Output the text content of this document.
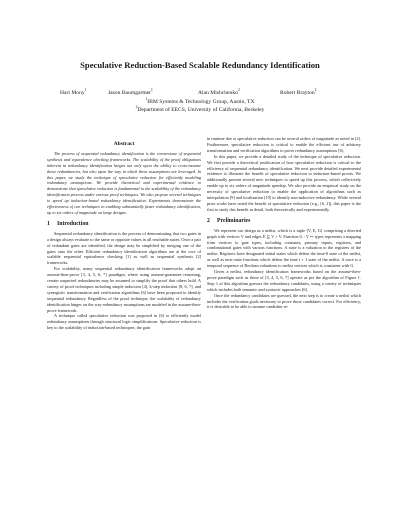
Speculative Reduction-Based Scalable Redundancy Identification
Hari Mony$^1$	Jason Baumgartner$^1$	Alan Mishchenko$^2$	Robert Brayton$^2$
$^1$IBM Systems & Technology Group, Austin, TX
$^2$Department of EECS, University of California, Berkeley
Abstract

The process of sequential redundancy identification is the cornerstone of sequential synthesis and equivalence checking frameworks. The scalability of the proof obligations inherent in redundancy identification hinges not only upon the ability to cross-assume those redundancies, but also upon the way in which these assumptions are leveraged. In this paper, we study the technique of speculative reduction for efficiently modeling redundancy assumptions. We provide theoretical and experimental evidence to demonstrate that speculative reduction is fundamental to the scalability of the redundancy identification process under various proof techniques. We also propose several techniques to speed up induction-based redundancy identification. Experiments demonstrate the effectiveness of our techniques in enabling substantially faster redundancy identification, up to six orders of magnitude on large designs.

1 Introduction

Sequential redundancy identification is the process of demonstrating that two gates in a design always evaluate to the same or opposite values in all reachable states. Once a pair of redundant gates are identified, the design may be simplified by merging one of the gates onto the other. Efficient redundancy identification algorithms are at the core of scalable sequential equivalence checking [1] as well as sequential synthesis [2] frameworks.

For scalability, many sequential redundancy identification frameworks adopt an assume-then-prove [3, 4, 5, 6, 7] paradigm, where using assume-guarantee reasoning, certain suspected redundancies may be assumed to simplify the proof that others hold. A variety of proof techniques including simple induction [4], k-step induction [8, 6, 7], and synergistic transformation and verification algorithms [6] have been proposed to identify sequential redundancy. Regardless of the proof technique, the scalability of redundancy identification hinges on the way redundancy assumptions are modeled in the assume-then-prove framework.

A technique called speculative reduction was proposed in [6] to efficiently model redundancy assumptions through structural logic simplifications. Speculative reduction is key to the scalability of induction-based techniques; the gain

in runtime due to speculative reduction can be several orders of magnitude as noted in [2]. Furthermore, speculative reduction is critical to enable the efficient use of arbitrary transformation and verification algorithms to prove redundancy assumptions [6].

In this paper, we provide a detailed study of the technique of speculative reduction. We first provide a theoretical justification of how speculative reduction is critical to the efficiency of sequential redundancy identification. We next provide detailed experimental evidence to illustrate the benefit of speculative reduction to induction-based proofs. We additionally present several new techniques to speed up this process, which collectively enable up to six orders of magnitude speedup. We also provide an empirical study on the necessity of speculative reduction to enable the application of algorithms such as interpolation [9] and localization [10] to identify non-inductive redundancy. While several prior works have noted the benefit of speculative reduction (e.g., [6, 2]), this paper is the first to study this benefit in detail, both theoretically and experimentally.

2 Preliminaries

We represent our design as a netlist, which is a tuple ⟨V, E, G⟩ comprising a directed graph with vertices V and edges E ⊆ V × V. Function G : V ↦ types represents a mapping from vertices to gate types, including constants, primary inputs, registers, and combinational gates with various functions. A state is a valuation to the registers of the netlist. Registers have designated initial states which define the time-0 state of the netlist, as well as next-state functions which define the time i + 1 state of the netlist. A trace is a temporal sequence of Boolean valuations to netlist vertices which is consistent with G.

Given a netlist, redundancy identification frameworks based on the assume-then-prove paradigm such as those of [3, 4, 5, 6, 7] operate as per the algorithm of Figure 1. Step 1 of this algorithm guesses the redundancy candidates, using a variety of techniques which includes both semantic and syntactic approaches [6].

Once the redundancy candidates are guessed, the next step is to create a netlist which includes the verification goals necessary to prove those candidates correct. For efficiency, it is desirable to be able to assume candidate re-
